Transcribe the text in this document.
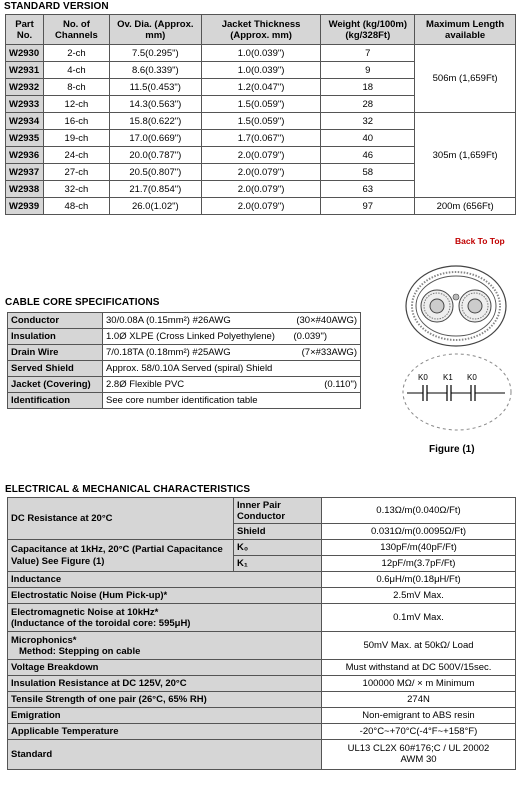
STANDARD VERSION
Part No.	No. of Channels	Ov. Dia. (Approx. mm)	Jacket Thickness (Approx. mm)	Weight (kg/100m) (kg/328Ft)	Maximum Length available
W2930	2-ch	7.5(0.295")	1.0(0.039")	7	506m (1,659Ft)
W2931	4-ch	8.6(0.339")	1.0(0.039")	9	
W2932	8-ch	11.5(0.453")	1.2(0.047")	18	
W2933	12-ch	14.3(0.563")	1.5(0.059")	28	
W2934	16-ch	15.8(0.622")	1.5(0.059")	32	305m (1,659Ft)
W2935	19-ch	17.0(0.669")	1.7(0.067")	40	
W2936	24-ch	20.0(0.787")	2.0(0.079")	46	
W2937	27-ch	20.5(0.807")	2.0(0.079")	58	
W2938	32-ch	21.7(0.854")	2.0(0.079")	63	
W2939	48-ch	26.0(1.02")	2.0(0.079")	97	200m (656Ft)
Back To Top
CABLE CORE SPECIFICATIONS
Conductor	30/0.08A (0.15mm²) #26AWG (30×#40AWG)

Insulation	1.0Ø XLPE (Cross Linked Polyethylene) (0.039")

Drain Wire	7/0.18TA (0.18mm²) #25AWG (7×#33AWG)

Served Shield	Approx. 58/0.10A Served (spiral) Shield

Jacket (Covering)	2.8Ø Flexible PVC (0.110")

Identification	See core number identification table
K0 K1 K0
Figure (1)
ELECTRICAL & MECHANICAL CHARACTERISTICS
DC Resistance at 20°C	Inner Pair Conductor	0.13Ω/m(0.040Ω/Ft)
	Shield	0.031Ω/m(0.0095Ω/Ft)
Capacitance at 1kHz, 20°C (Partial Capacitance Value) See Figure (1)	K₀	130pF/m(40pF/Ft)
	K₁	12pF/m(3.7pF/Ft)
Inductance		0.6μH/m(0.18μH/Ft)
Electrostatic Noise (Hum Pick-up)*		2.5mV Max.

Electromagnetic Noise at 10kHz*
(Inductance of the toroidal core: 595μH)		0.1mV Max.

Microphonics*
Method: Stepping on cable		50mV Max. at 50kΩ/ Load
Voltage Breakdown		Must withstand at DC 500V/15sec.
Insulation Resistance at DC 125V, 20°C		100000 MΩ/ × m Minimum
Tensile Strength of one pair (26°C, 65% RH)		274N
Emigration		Non-emigrant to ABS resin
Applicable Temperature		-20°C~+70°C(-4°F~+158°F)
Standard		UL13 CL2X 60#176;C / UL 20002
AWM 30
